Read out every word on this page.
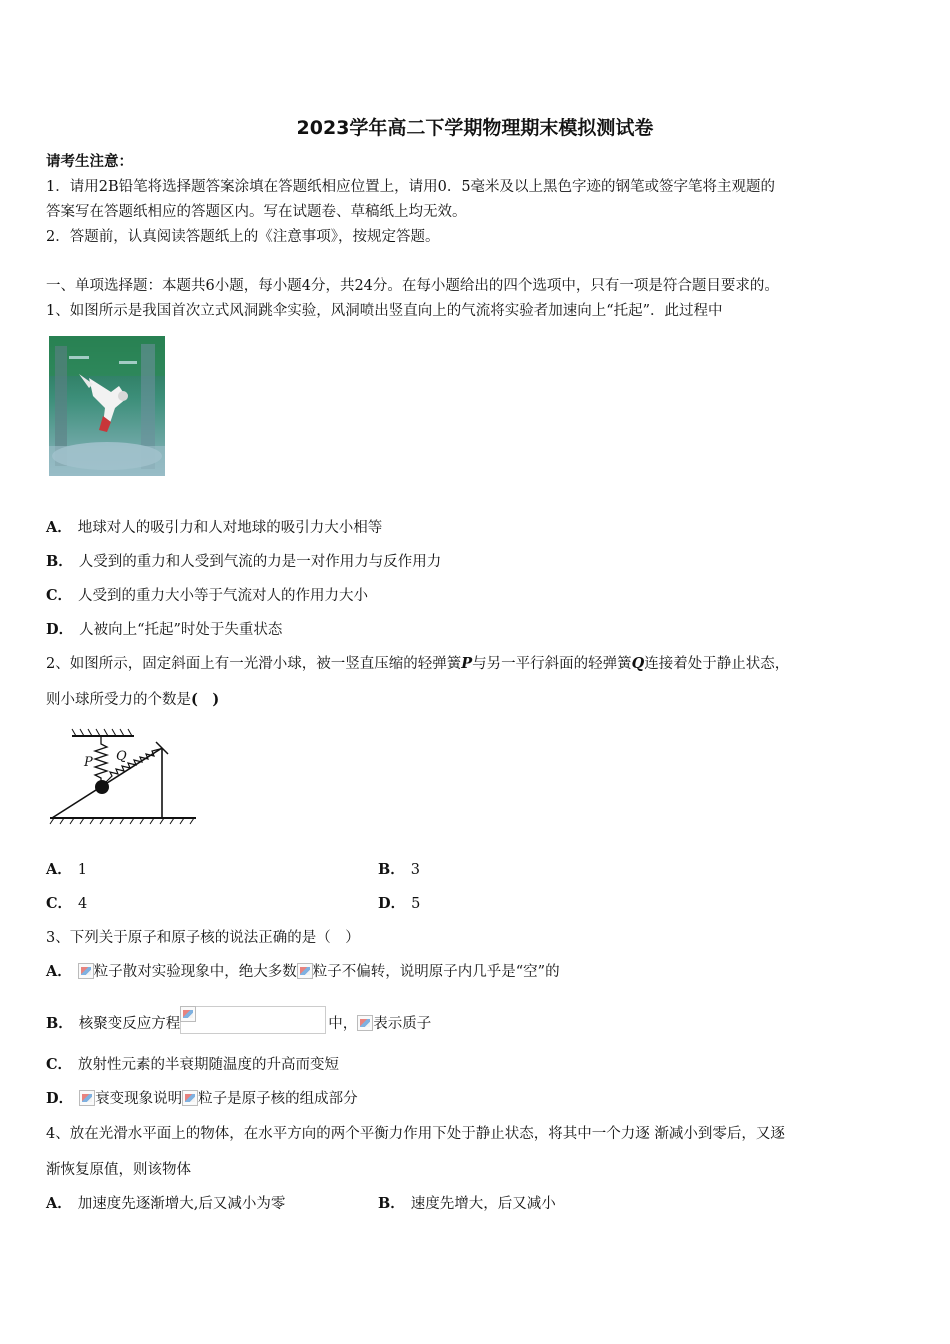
2023学年高二下学期物理期末模拟测试卷
请考生注意：
1．请用2B铅笔将选择题答案涂填在答题纸相应位置上，请用0．5毫米及以上黑色字迹的钢笔或签字笔将主观题的
答案写在答题纸相应的答题区内。写在试题卷、草稿纸上均无效。
2．答题前，认真阅读答题纸上的《注意事项》，按规定答题。
一、单项选择题：本题共6小题，每小题4分，共24分。在每小题给出的四个选项中，只有一项是符合题目要求的。
1、如图所示是我国首次立式风洞跳伞实验，风洞喷出竖直向上的气流将实验者加速向上“托起”．此过程中
A． 地球对人的吸引力和人对地球的吸引力大小相等
B． 人受到的重力和人受到气流的力是一对作用力与反作用力
C． 人受到的重力大小等于气流对人的作用力大小
D． 人被向上“托起”时处于失重状态
2、如图所示，固定斜面上有一光滑小球，被一竖直压缩的轻弹簧P与另一平行斜面的轻弹簧Q连接着处于静止状态，
则小球所受力的个数是(　)
P Q
A． 1	B． 3
C． 4	D． 5
3、下列关于原子和原子核的说法正确的是（　）
A． 粒子散对实验现象中，绝大多数 粒子不偏转，说明原子内几乎是“空”的
B． 核聚变反应方程	中， 表示质子
C． 放射性元素的半衰期随温度的升高而变短
D． 衰变现象说明 粒子是原子核的组成部分
4、放在光滑水平面上的物体，在水平方向的两个平衡力作用下处于静止状态，将其中一个力逐 渐减小到零后，又逐
渐恢复原值，则该物体
A． 加速度先逐渐增大,后又减小为零	B． 速度先增大，后又减小
